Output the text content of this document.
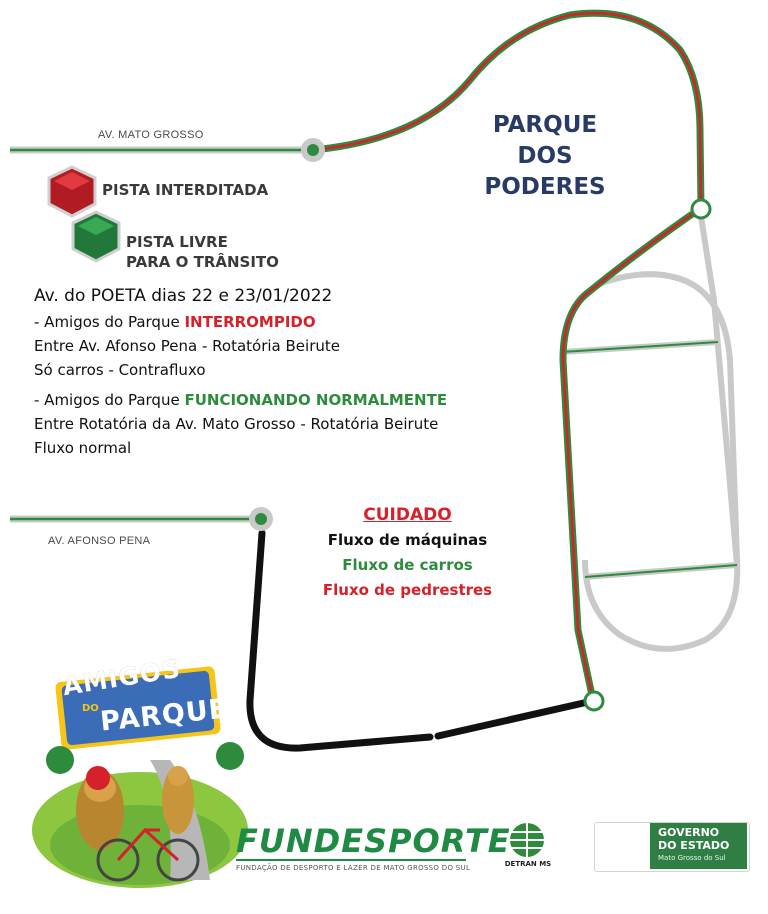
AV. MATO GROSSO
AV. AFONSO PENA
PARQUE
DOS
PODERES
PISTA INTERDITADA
PISTA LIVRE
PARA O TRÂNSITO
Av. do POETA dias 22 e 23/01/2022
- Amigos do Parque INTERROMPIDO
Entre Av. Afonso Pena - Rotatória Beirute
Só carros - Contrafluxo
- Amigos do Parque FUNCIONANDO NORMALMENTE
Entre Rotatória da Av. Mato Grosso - Rotatória Beirute
Fluxo normal
CUIDADO
Fluxo de máquinas
Fluxo de carros
Fluxo de pedrestres
AMIGOS
DO PARQUE
FUNDESPORTE
FUNDAÇÃO DE DESPORTO E LAZER DE MATO GROSSO DO SUL	DETRAN MS
GOVERNO
DO ESTADO
Mato Grosso do Sul
